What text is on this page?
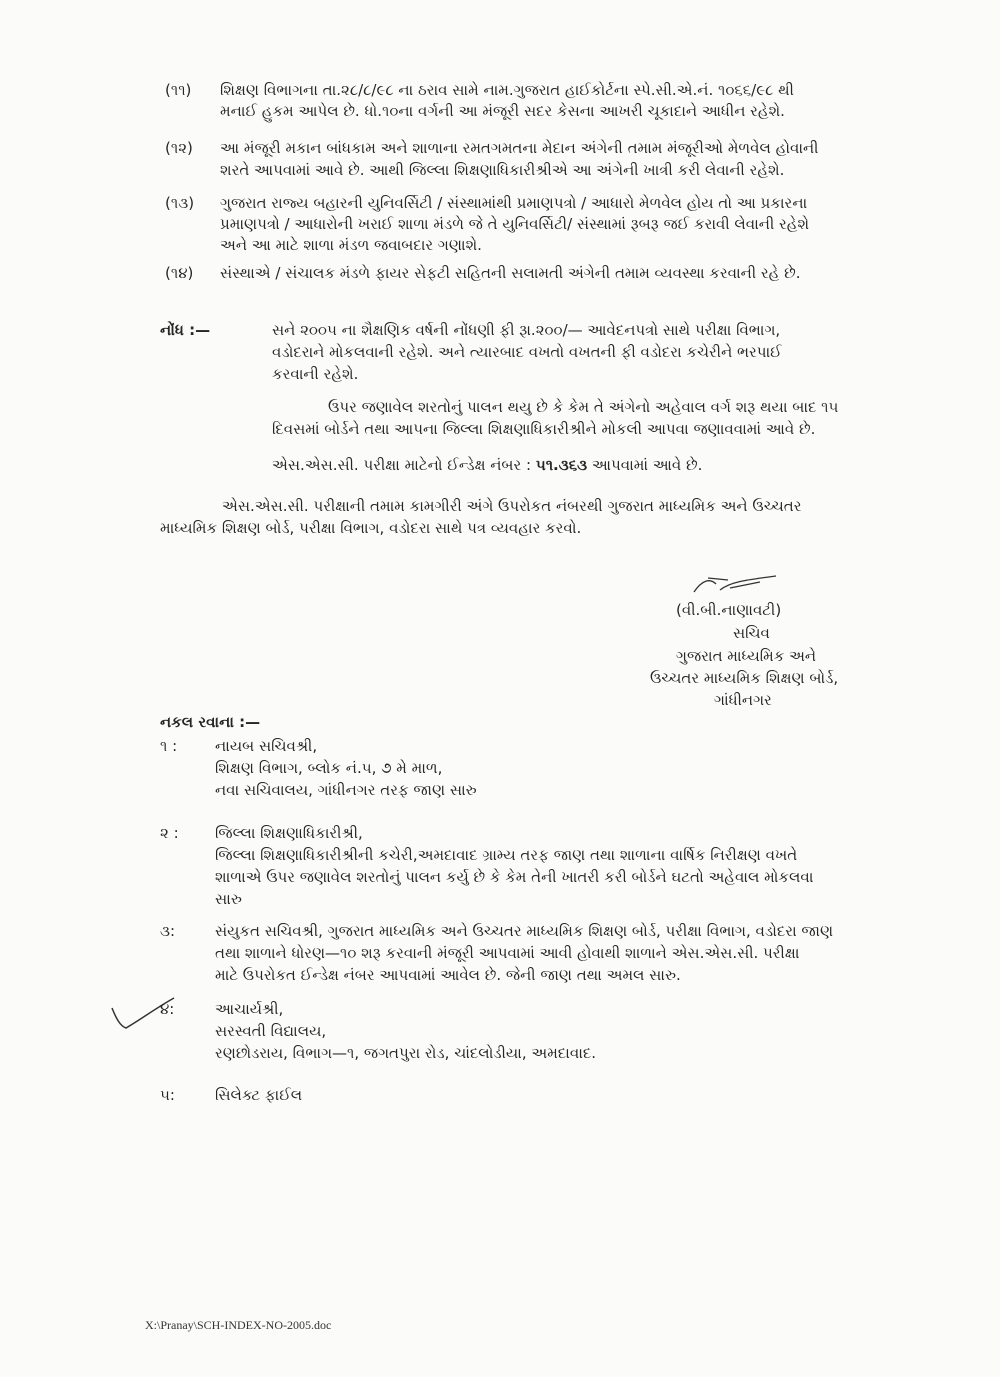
(૧૧) શિક્ષણ વિભાગના તા.૨૮/૮/૯૮ ના ઠરાવ સામે નામ.ગુજરાત હાઈકોર્ટના સ્પે.સી.એ.નં. ૧૦૬૬/૯૮ થી
મનાઈ હુકમ આપેલ છે. ધો.૧૦ના વર્ગની આ મંજૂરી સદર કેસના આખરી ચૂકાદાને આધીન રહેશે.
(૧૨) આ મંજૂરી મકાન બાંધકામ અને શાળાના રમતગમતના મેદાન અંગેની તમામ મંજૂરીઓ મેળવેલ હોવાની
શરતે આપવામાં આવે છે. આથી જિલ્લા શિક્ષણાધિકારીશ્રીએ આ અંગેની ખાત્રી કરી લેવાની રહેશે.
(૧૩) ગુજરાત રાજ્ય બહારની યુનિવર્સિટી / સંસ્થામાંથી પ્રમાણપત્રો / આધારો મેળવેલ હોય તો આ પ્રકારના
પ્રમાણપત્રો / આધારોની ખરાઈ શાળા મંડળે જે તે યુનિવર્સિટી/ સંસ્થામાં રૂબરૂ જઈ કરાવી લેવાની રહેશે
અને આ માટે શાળા મંડળ જવાબદાર ગણાશે.
(૧૪) સંસ્થાએ / સંચાલક મંડળે ફાયર સેફટી સહિતની સલામતી અંગેની તમામ વ્યવસ્થા કરવાની રહે છે.
નોંધ :—	સને ૨૦૦૫ ના શૈક્ષણિક વર્ષની નોંધણી ફી રૂા.૨૦૦/— આવેદનપત્રો સાથે પરીક્ષા વિભાગ,
વડોદરાને મોકલવાની રહેશે. અને ત્યારબાદ વખતો વખતની ફી વડોદરા કચેરીને ભરપાઈ
કરવાની રહેશે.
ઉપર જણાવેલ શરતોનું પાલન થયુ છે કે કેમ તે અંગેનો અહેવાલ વર્ગ શરૂ થયા બાદ ૧૫
દિવસમાં બોર્ડને તથા આપના જિલ્લા શિક્ષણાધિકારીશ્રીને મોકલી આપવા જણાવવામાં આવે છે.
એસ.એસ.સી. પરીક્ષા માટેનો ઈન્ડેક્ષ નંબર : ૫૧.૩૬૩ આપવામાં આવે છે.
એસ.એસ.સી. પરીક્ષાની તમામ કામગીરી અંગે ઉપરોકત નંબરથી ગુજરાત માધ્યમિક અને ઉચ્ચતર
માધ્યમિક શિક્ષણ બોર્ડ, પરીક્ષા વિભાગ, વડોદરા સાથે પત્ર વ્યવહાર કરવો.
(વી.બી.નાણાવટી)
સચિવ
ગુજરાત માધ્યમિક અને
ઉચ્ચતર માધ્યમિક શિક્ષણ બોર્ડ,
ગાંધીનગર
નકલ રવાના :—
૧ :	નાયબ સચિવશ્રી,
શિક્ષણ વિભાગ, બ્લોક નં.૫, ૭ મે માળ,
નવા સચિવાલય, ગાંધીનગર તરફ જાણ સારુ
૨ : જિલ્લા શિક્ષણાધિકારીશ્રી,
જિલ્લા શિક્ષણાધિકારીશ્રીની કચેરી,અમદાવાદ ગ્રામ્ય તરફ જાણ તથા શાળાના વાર્ષિક નિરીક્ષણ વખતે
શાળાએ ઉપર જણાવેલ શરતોનું પાલન કર્યુ છે કે કેમ તેની ખાતરી કરી બોર્ડને ઘટતો અહેવાલ મોકલવા
સારુ
૩:	સંયુકત સચિવશ્રી, ગુજરાત માધ્યમિક અને ઉચ્ચતર માધ્યમિક શિક્ષણ બોર્ડ, પરીક્ષા વિભાગ, વડોદરા જાણ
તથા શાળાને ધોરણ—૧૦ શરૂ કરવાની મંજૂરી આપવામાં આવી હોવાથી શાળાને એસ.એસ.સી. પરીક્ષા
માટે ઉપરોકત ઈન્ડેક્ષ નંબર આપવામાં આવેલ છે. જેની જાણ તથા અમલ સારુ.
૪:	આચાર્યશ્રી,
સરસ્વતી વિદ્યાલય,
રણછોડરાય, વિભાગ—૧, જગતપુરા રોડ, ચાંદલોડીયા, અમદાવાદ.
૫:	સિલેક્ટ ફાઈલ
X:\Pranay\SCH-INDEX-NO-2005.doc
